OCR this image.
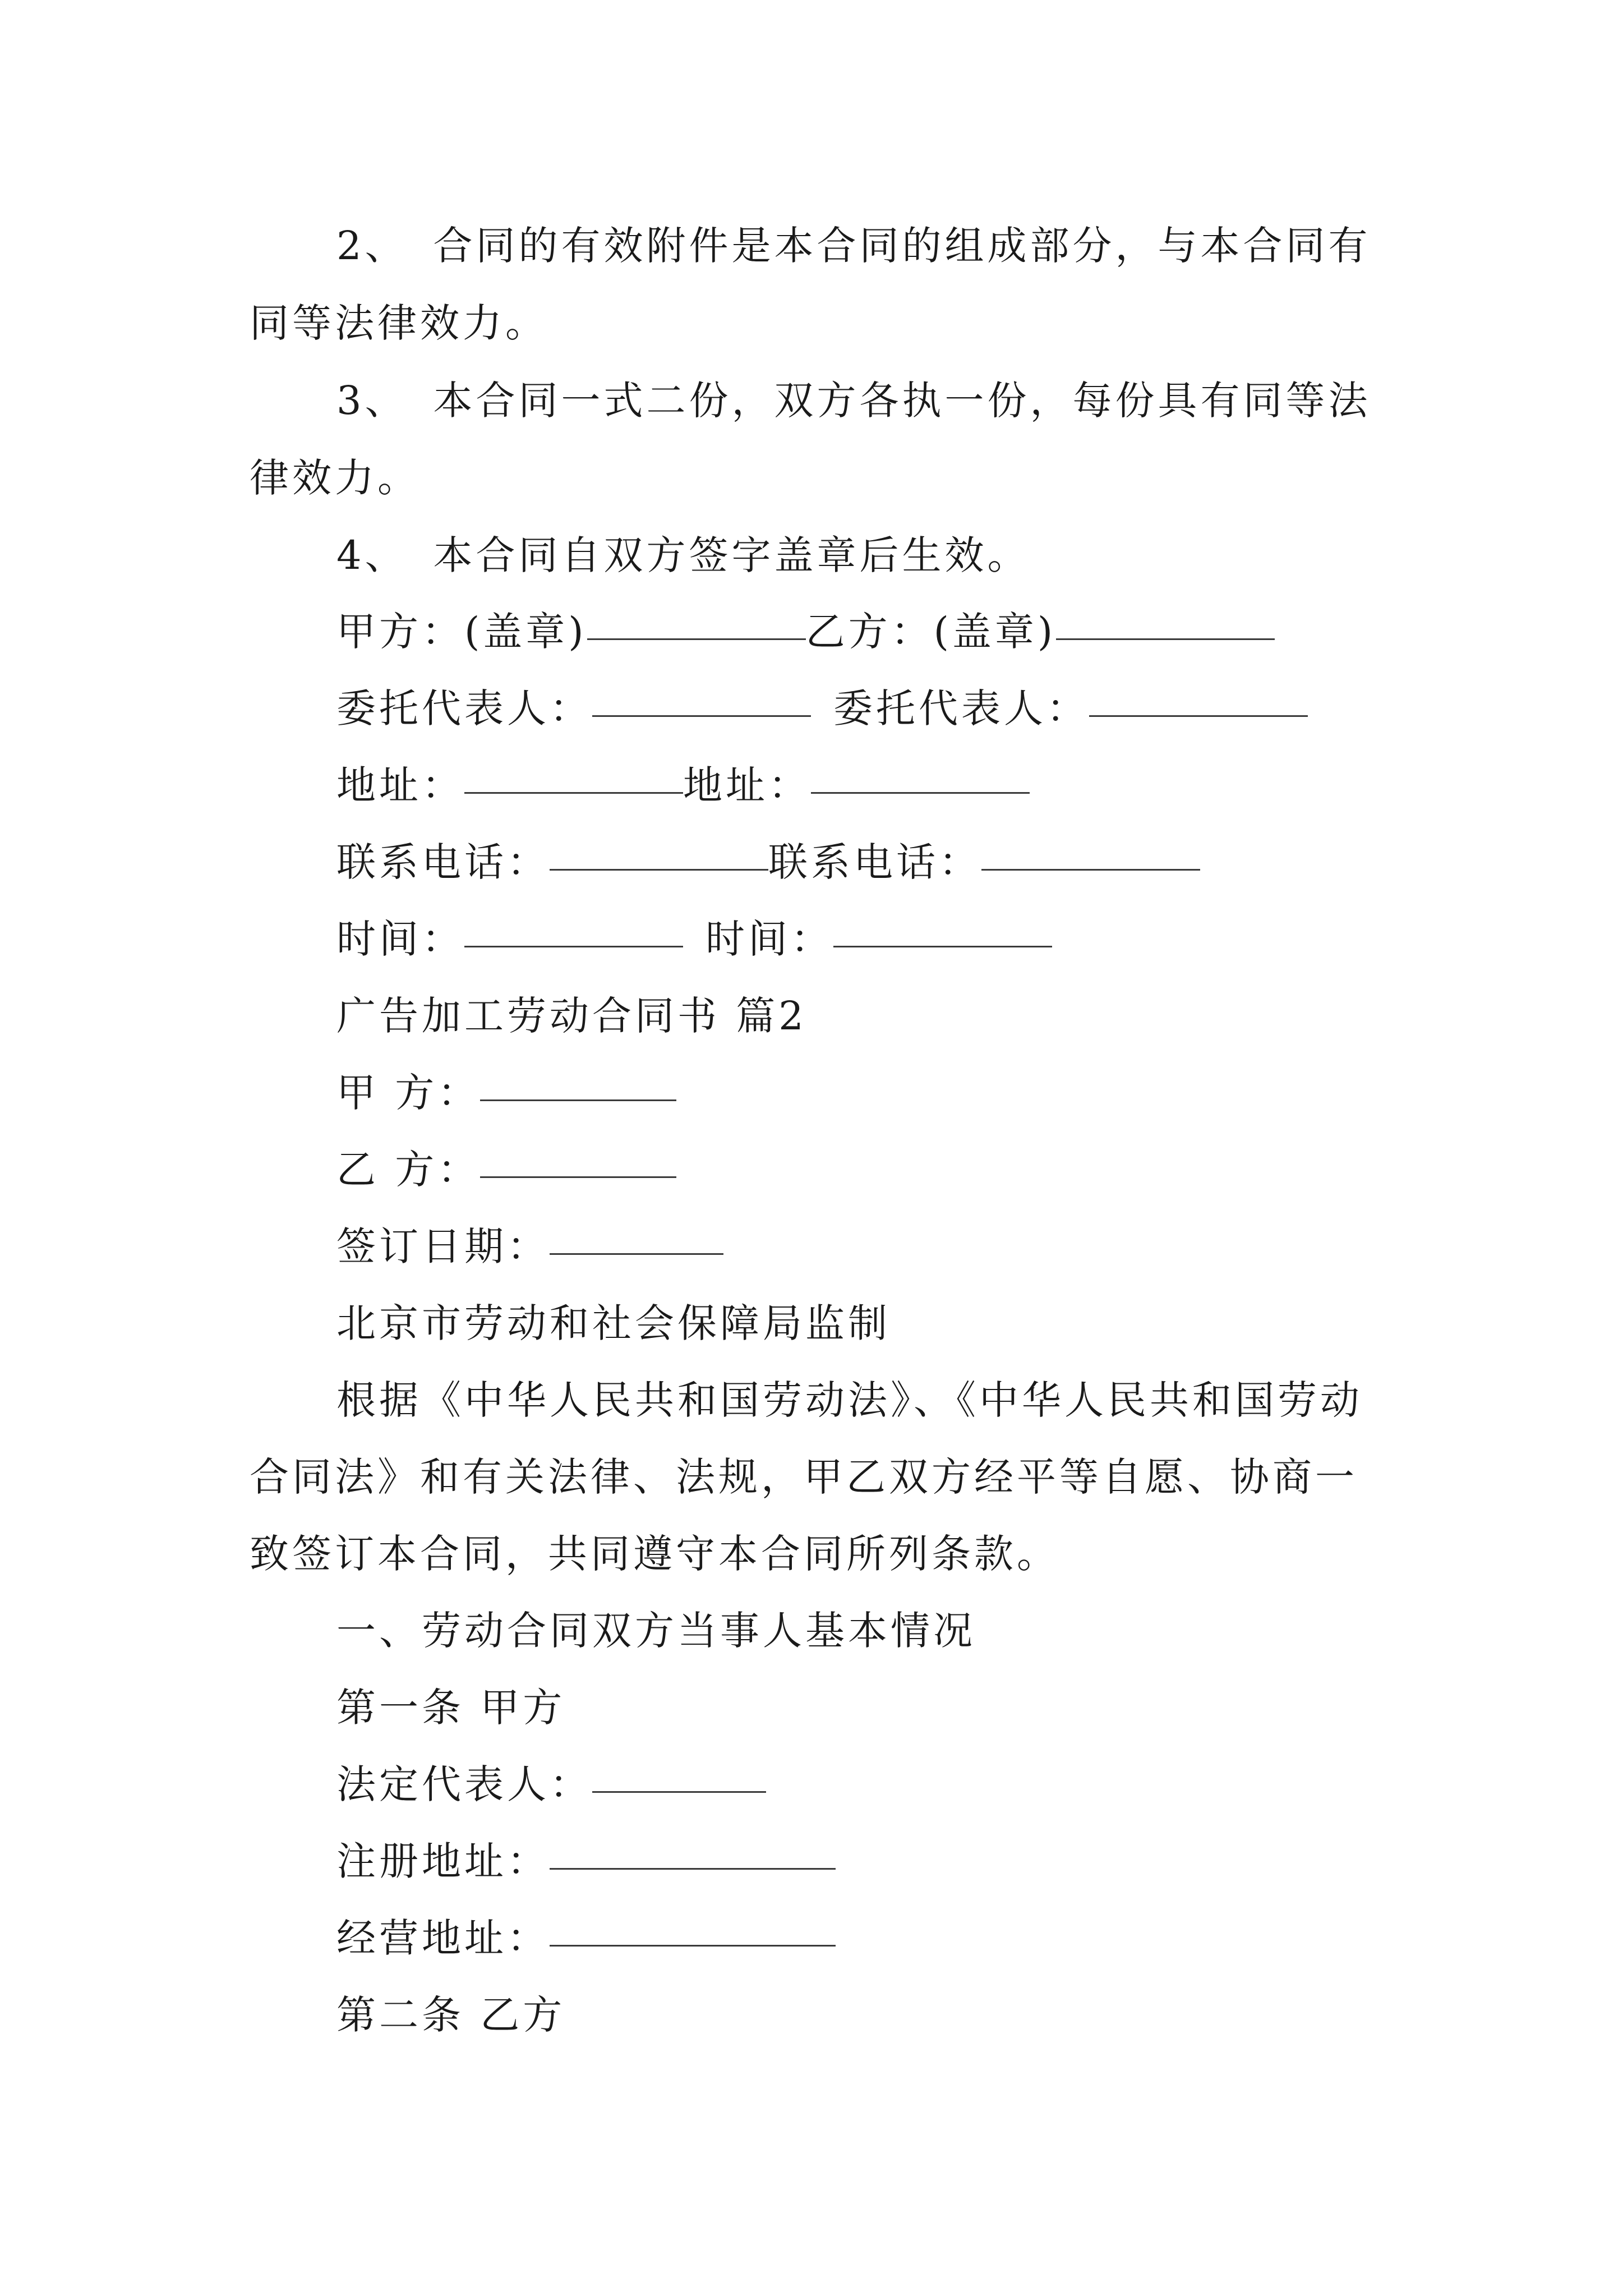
2、 合同的有效附件是本合同的组成部分，与本合同有
同等法律效力。
3、 本合同一式二份，双方各执一份，每份具有同等法
律效力。
4、 本合同自双方签字盖章后生效。
甲方：(盖章)	乙方：(盖章)
委托代表人：	委托代表人：
地址：	地址：
联系电话：	联系电话：
时间：	时间：
广告加工劳动合同书 篇2
甲 方：
乙 方：
签订日期：
北京市劳动和社会保障局监制
根据《中华人民共和国劳动法》、《中华人民共和国劳动
合同法》和有关法律、法规，甲乙双方经平等自愿、协商一
致签订本合同，共同遵守本合同所列条款。
一、劳动合同双方当事人基本情况
第一条 甲方
法定代表人：
注册地址：
经营地址：
第二条 乙方
